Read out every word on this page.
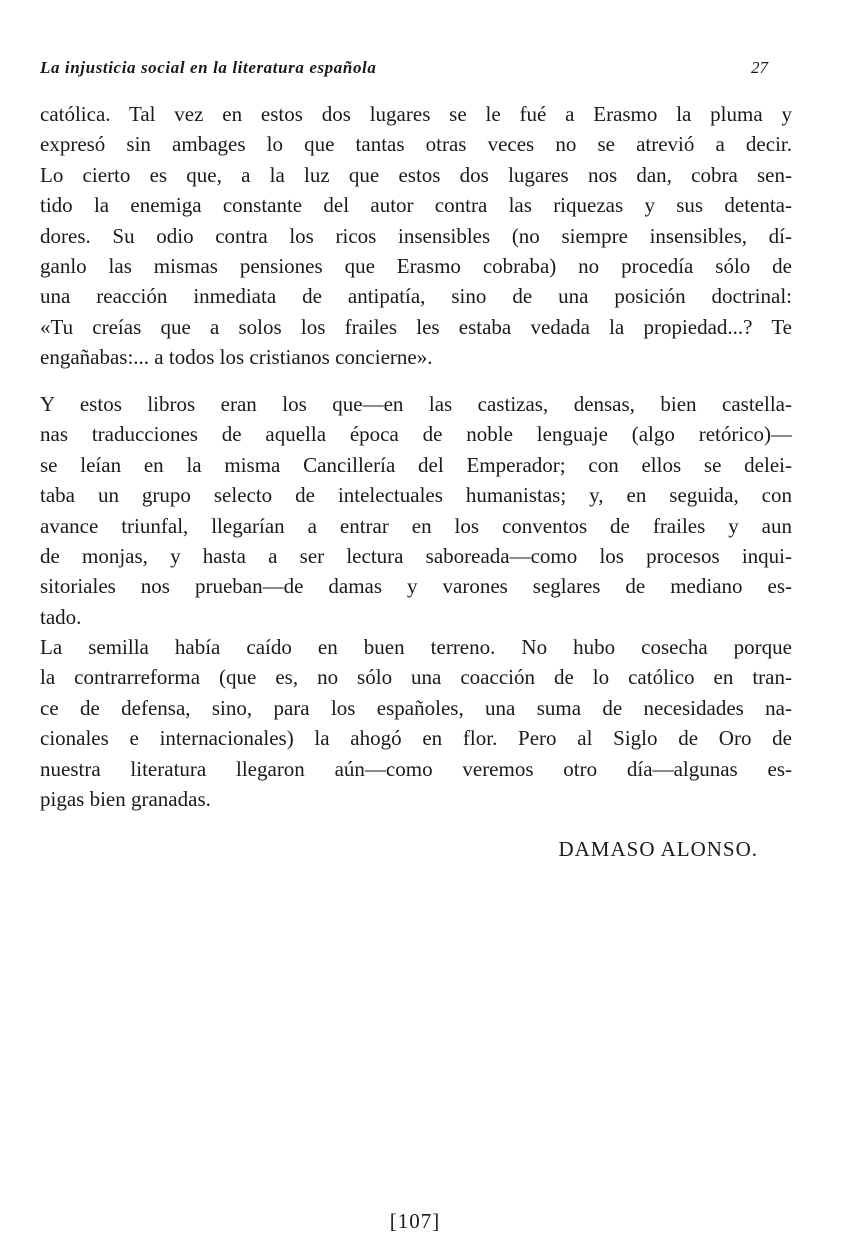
La injusticia social en la literatura española	27
católica. Tal vez en estos dos lugares se le fué a Erasmo la pluma y
expresó sin ambages lo que tantas otras veces no se atrevió a decir.
Lo cierto es que, a la luz que estos dos lugares nos dan, cobra sen-
tido la enemiga constante del autor contra las riquezas y sus detenta-
dores. Su odio contra los ricos insensibles (no siempre insensibles, dí-
ganlo las mismas pensiones que Erasmo cobraba) no procedía sólo de
una reacción inmediata de antipatía, sino de una posición doctrinal:
«Tu creías que a solos los frailes les estaba vedada la propiedad...? Te
engañabas:... a todos los cristianos concierne».
Y estos libros eran los que—en las castizas, densas, bien castella-
nas traducciones de aquella época de noble lenguaje (algo retórico)—
se leían en la misma Cancillería del Emperador; con ellos se delei-
taba un grupo selecto de intelectuales humanistas; y, en seguida, con
avance triunfal, llegarían a entrar en los conventos de frailes y aun
de monjas, y hasta a ser lectura saboreada—como los procesos inqui-
sitoriales nos prueban—de damas y varones seglares de mediano es-
tado.
La semilla había caído en buen terreno. No hubo cosecha porque
la contrarreforma (que es, no sólo una coacción de lo católico en tran-
ce de defensa, sino, para los españoles, una suma de necesidades na-
cionales e internacionales) la ahogó en flor. Pero al Siglo de Oro de
nuestra literatura llegaron aún—como veremos otro día—algunas es-
pigas bien granadas.
DAMASO ALONSO.
[107]
